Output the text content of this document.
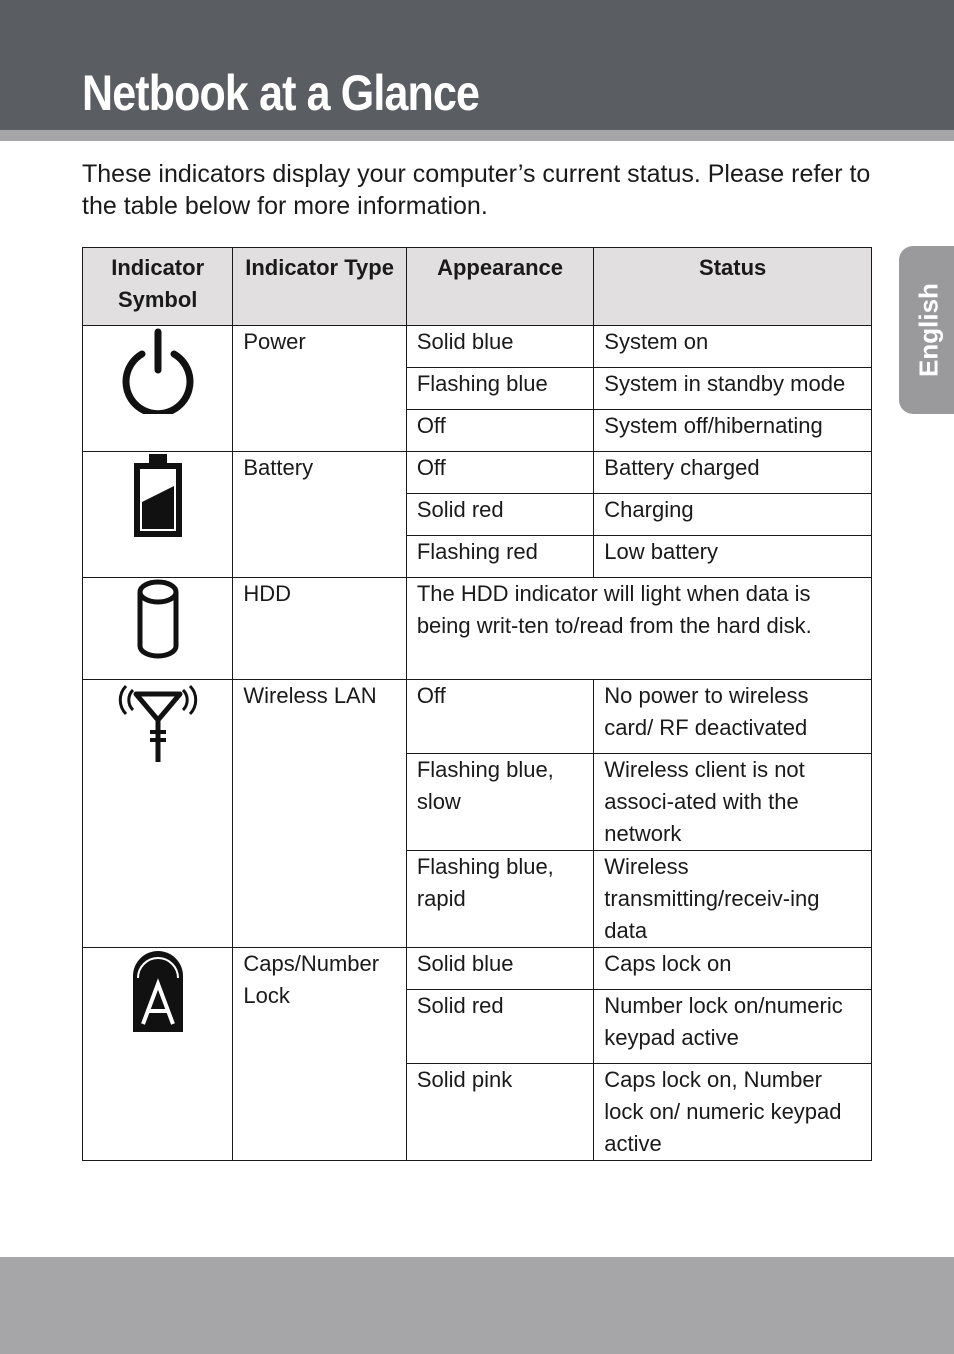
Netbook at a Glance

These indicators display your computer’s current status. Please refer to the table below for more information.

English
Indicator Symbol	Indicator Type	Appearance	Status

	Power	Solid blue	System on
		Flashing blue	System in standby mode
		Off	System off/hibernating

	Battery	Off	Battery charged
		Solid red	Charging
		Flashing red	Low battery

	HDD	The HDD indicator will light when data is being writ-ten to/read from the hard disk.	

	Wireless LAN	Off	No power to wireless card/ RF deactivated
		Flashing blue, slow	Wireless client is not associ-ated with the network
		Flashing blue, rapid	Wireless transmitting/receiv-ing data

	Caps/Number Lock	Solid blue	Caps lock on
		Solid red	Number lock on/numeric keypad active
		Solid pink	Caps lock on, Number lock on/ numeric keypad active
